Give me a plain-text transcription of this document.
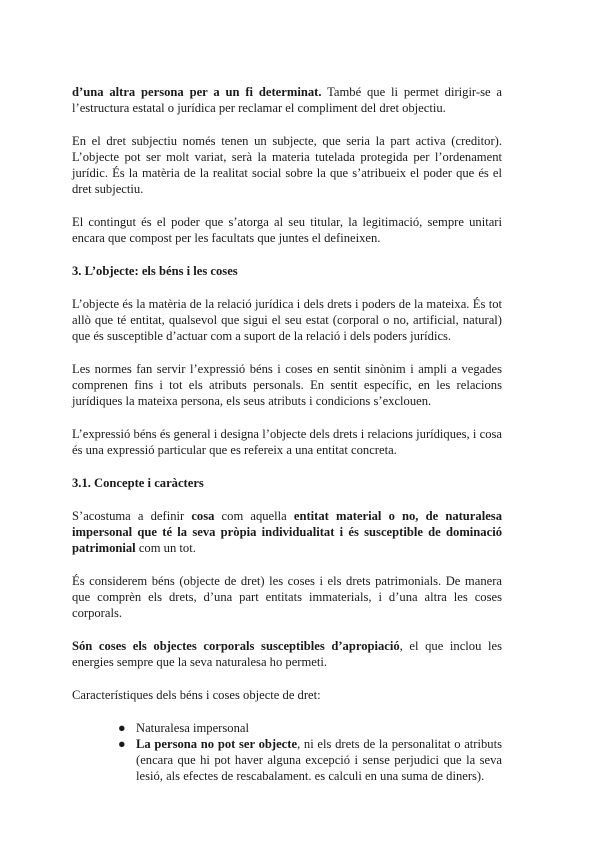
d’una altra persona per a un fi determinat. També que li permet dirigir-se a l’estructura estatal o jurídica per reclamar el compliment del dret objectiu.

En el dret subjectiu només tenen un subjecte, que seria la part activa (creditor). L’objecte pot ser molt variat, serà la materia tutelada protegida per l’ordenament jurídic. És la matèria de la realitat social sobre la que s’atribueix el poder que és el dret subjectiu.

El contingut és el poder que s’atorga al seu titular, la legitimació, sempre unitari encara que compost per les facultats que juntes el defineixen.

3. L’objecte: els béns i les coses

L’objecte és la matèria de la relació jurídica i dels drets i poders de la mateixa. És tot allò que té entitat, qualsevol que sigui el seu estat (corporal o no, artificial, natural) que és susceptible d’actuar com a suport de la relació i dels poders jurídics.

Les normes fan servir l’expressió béns i coses en sentit sinònim i ampli a vegades comprenen fins i tot els atributs personals. En sentit específic, en les relacions jurídiques la mateixa persona, els seus atributs i condicions s’exclouen.

L’expressió béns és general i designa l’objecte dels drets i relacions jurídiques, i cosa és una expressió particular que es refereix a una entitat concreta.

3.1. Concepte i caràcters

S’acostuma a definir cosa com aquella entitat material o no, de naturalesa impersonal que té la seva pròpia individualitat i és susceptible de dominació patrimonial com un tot.

És considerem béns (objecte de dret) les coses i els drets patrimonials. De manera que comprèn els drets, d’una part entitats immaterials, i d’una altra les coses corporals.

Són coses els objectes corporals susceptibles d’apropiació, el que inclou les energies sempre que la seva naturalesa ho permeti.

Característiques dels béns i coses objecte de dret:

● Naturalesa impersonal
● La persona no pot ser objecte, ni els drets de la personalitat o atributs (encara que hi pot haver alguna excepció i sense perjudici que la seva lesió, als efectes de rescabalament. es calculi en una suma de diners).
